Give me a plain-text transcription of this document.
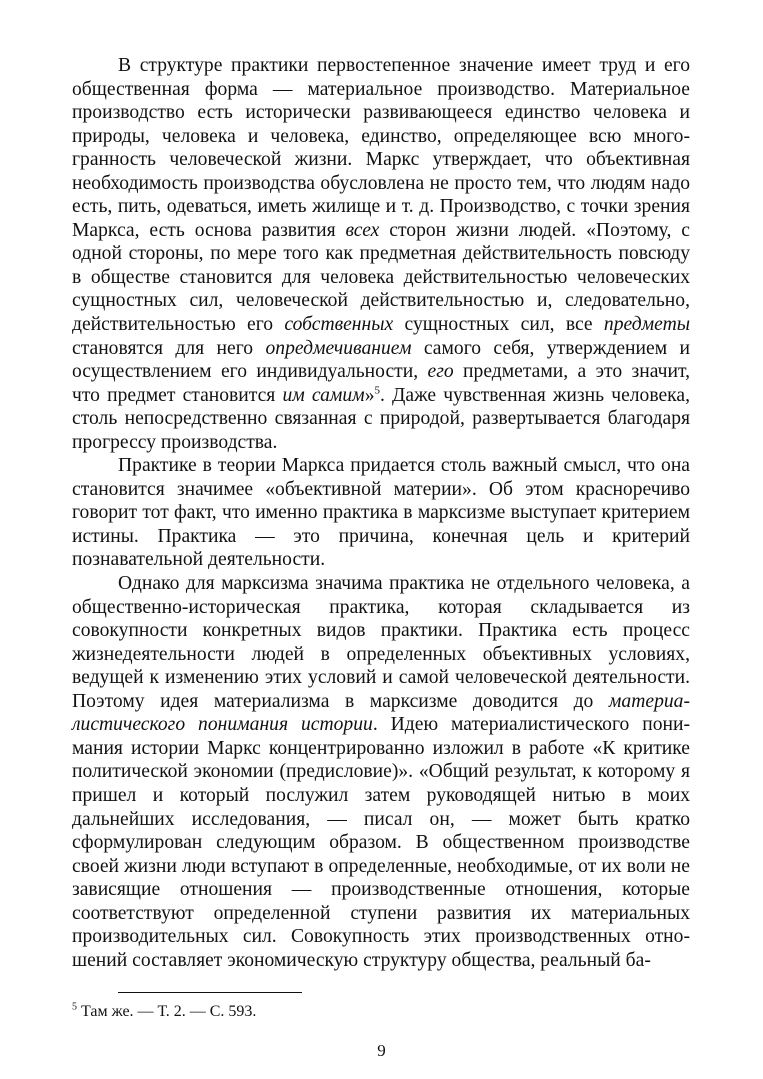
В структуре практики первостепенное значение имеет труд и его общественная форма — материальное производство. Материальное производство есть исторически развивающееся единство человека и природы, человека и человека, единство, определяющее всю многогранность человеческой жизни. Маркс утверждает, что объективная необходимость производства обусловлена не просто тем, что людям надо есть, пить, одеваться, иметь жилище и т. д. Производство, с точки зрения Маркса, есть основа развития всех сторон жизни людей. «Поэтому, с одной стороны, по мере того как предметная действительность повсюду в обществе становится для человека действительностью человеческих сущностных сил, человеческой действительностью и, следовательно, действительностью его собственных сущностных сил, все предметы становятся для него опредмечиванием самого себя, утверждением и осуществлением его индивидуальности, его предметами, а это значит, что предмет становится им самим»$^5$. Даже чувственная жизнь человека, столь непосредственно связанная с природой, развертывается благодаря прогрессу производства.

Практике в теории Маркса придается столь важный смысл, что она становится значимее «объективной материи». Об этом красноречиво говорит тот факт, что именно практика в марксизме выступает критерием истины. Практика — это причина, конечная цель и критерий познавательной деятельности.

Однако для марксизма значима практика не отдельного человека, а общественно-историческая практика, которая складывается из совокупности конкретных видов практики. Практика есть процесс жизнедеятельности людей в определенных объективных условиях, ведущей к изменению этих условий и самой человеческой деятельности. Поэтому идея материализма в марксизме доводится до материалистического понимания истории. Идею материалистического понимания истории Маркс концентрированно изложил в работе «К критике политической экономии (предисловие)». «Общий результат, к которому я пришел и который послужил затем руководящей нитью в моих дальнейших исследования, — писал он, — может быть кратко сформулирован следующим образом. В общественном производстве своей жизни люди вступают в определенные, необходимые, от их воли не зависящие отношения — производственные отношения, которые соответствуют определенной ступени развития их материальных производительных сил. Совокупность этих производственных отношений составляет экономическую структуру общества, реальный ба-

$^5$ Там же. — Т. 2. — С. 593.
9
